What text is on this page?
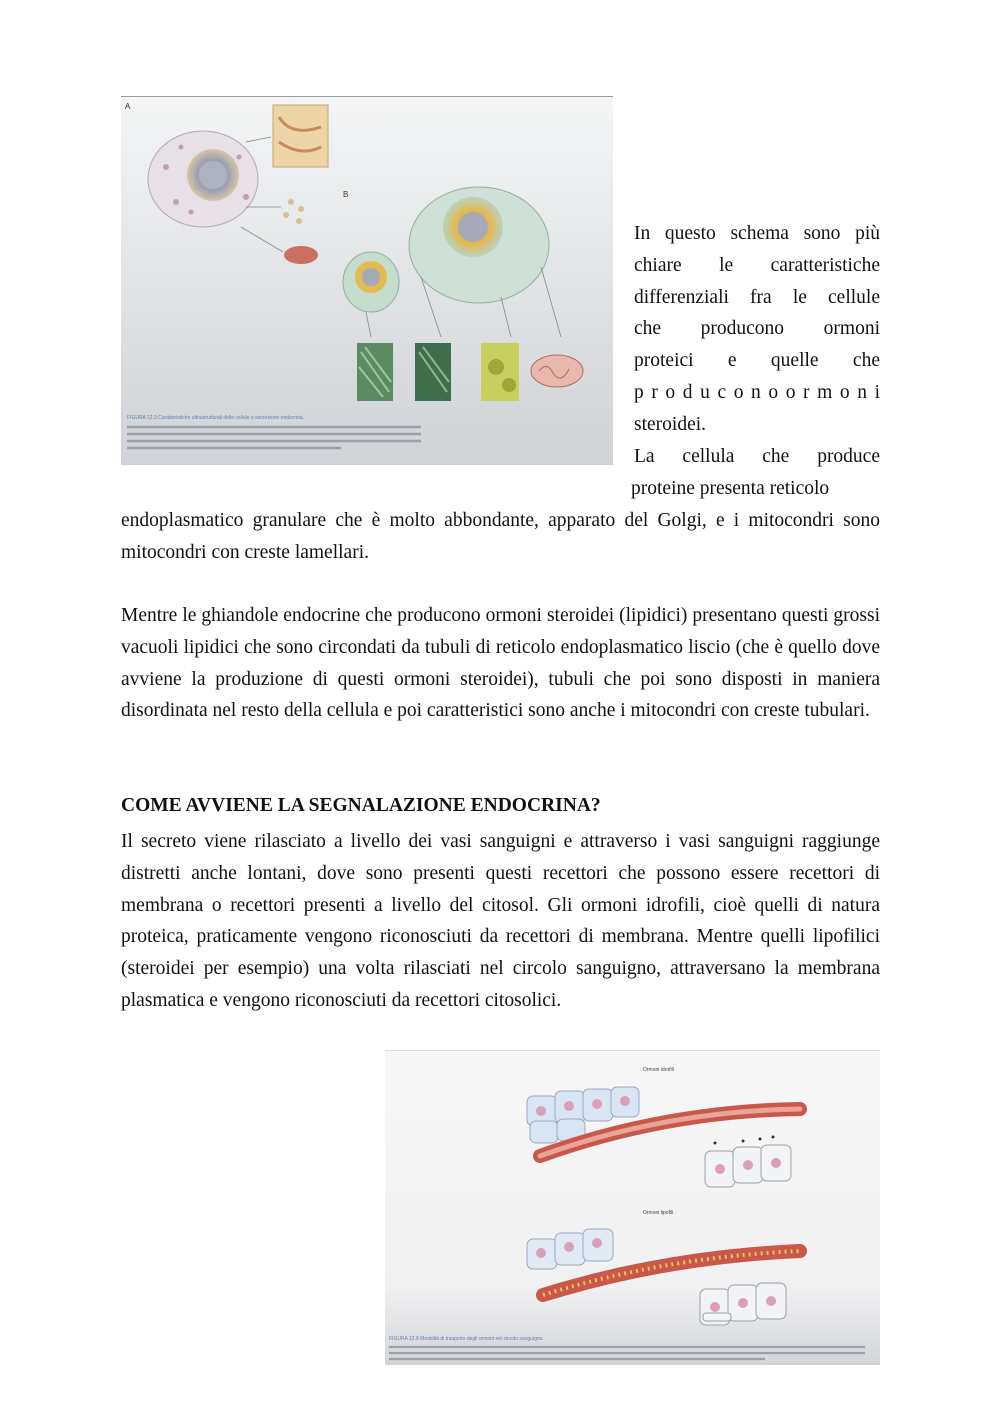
A
B
FIGURA 12.3 Caratteristiche ultrastrutturali delle cellule a secrezione endocrina.

In questo schema sono più

chiare le caratteristiche

differenziali fra le cellule

che producono ormoni

proteici e quelle che

p r o d u c o n o o r m o n i

steroidei.

La cellula che produce

proteine presenta reticolo

endoplasmatico granulare che è molto abbondante, apparato del Golgi, e i mitocondri sono mitocondri con creste lamellari.

Mentre le ghiandole endocrine che producono ormoni steroidei (lipidici) presentano questi grossi vacuoli lipidici che sono circondati da tubuli di reticolo endoplasmatico liscio (che è quello dove avviene la produzione di questi ormoni steroidei), tubuli che poi sono disposti in maniera disordinata nel resto della cellula e poi caratteristici sono anche i mitocondri con creste tubulari.

COME AVVIENE LA SEGNALAZIONE ENDOCRINA?

Il secreto viene rilasciato a livello dei vasi sanguigni e attraverso i vasi sanguigni raggiunge distretti anche lontani, dove sono presenti questi recettori che possono essere recettori di membrana o recettori presenti a livello del citosol. Gli ormoni idrofili, cioè quelli di natura proteica, praticamente vengono riconosciuti da recettori di membrana. Mentre quelli lipofilici (steroidei per esempio) una volta rilasciati nel circolo sanguigno, attraversano la membrana plasmatica e vengono riconosciuti da recettori citosolici.

Ormoni idrofili
Ormoni lipofili
FIGURA 12.8 Modalità di trasporto degli ormoni nel circolo sanguigno.
